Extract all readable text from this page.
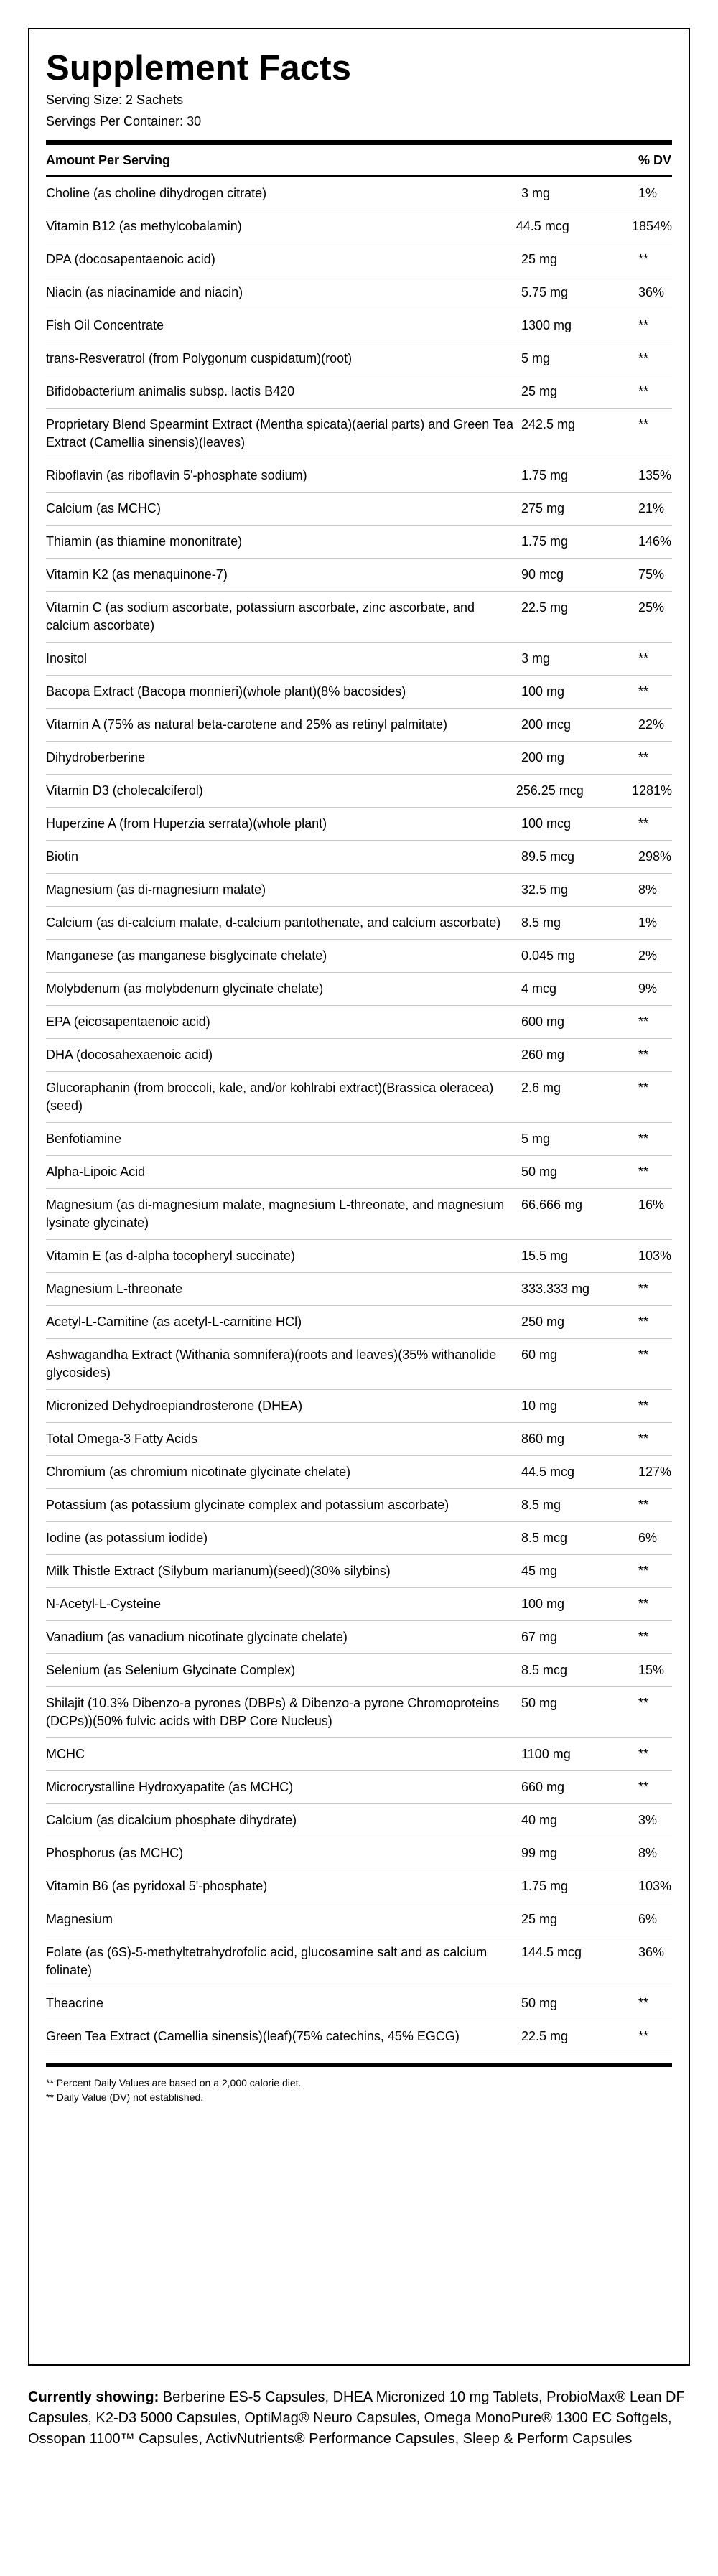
Supplement Facts
Serving Size: 2 Sachets
Servings Per Container: 30
Amount Per Serving	% DV
Choline (as choline dihydrogen citrate)	3 mg	1%
Vitamin B12 (as methylcobalamin)	44.5 mcg	1854%
DPA (docosapentaenoic acid)	25 mg	**
Niacin (as niacinamide and niacin)	5.75 mg	36%
Fish Oil Concentrate	1300 mg	**
trans-Resveratrol (from Polygonum cuspidatum)(root)	5 mg	**
Bifidobacterium animalis subsp. lactis B420	25 mg	**
Proprietary Blend Spearmint Extract (Mentha spicata)(aerial parts) and Green Tea Extract (Camellia sinensis)(leaves)
242.5 mg	**
Riboflavin (as riboflavin 5'-phosphate sodium)	1.75 mg	135%
Calcium (as MCHC)	275 mg	21%
Thiamin (as thiamine mononitrate)	1.75 mg	146%
Vitamin K2 (as menaquinone-7)	90 mcg	75%
Vitamin C (as sodium ascorbate, potassium ascorbate, zinc ascorbate, and calcium ascorbate)
22.5 mg	25%
Inositol	3 mg	**
Bacopa Extract (Bacopa monnieri)(whole plant)(8% bacosides)	100 mg	**
Vitamin A (75% as natural beta-carotene and 25% as retinyl palmitate)	200 mcg	22%
Dihydroberberine	200 mg	**
Vitamin D3 (cholecalciferol)	256.25 mcg	1281%
Huperzine A (from Huperzia serrata)(whole plant)	100 mcg	**
Biotin	89.5 mcg	298%
Magnesium (as di-magnesium malate)	32.5 mg	8%
Calcium (as di-calcium malate, d-calcium pantothenate, and calcium ascorbate)	8.5 mg	1%
Manganese (as manganese bisglycinate chelate)	0.045 mg	2%
Molybdenum (as molybdenum glycinate chelate)	4 mcg	9%
EPA (eicosapentaenoic acid)	600 mg	**
DHA (docosahexaenoic acid)	260 mg	**
Glucoraphanin (from broccoli, kale, and/or kohlrabi extract)(Brassica oleracea)(seed)
2.6 mg	**
Benfotiamine	5 mg	**
Alpha-Lipoic Acid	50 mg	**
Magnesium (as di-magnesium malate, magnesium L-threonate, and magnesium lysinate glycinate)
66.666 mg	16%
Vitamin E (as d-alpha tocopheryl succinate)	15.5 mg	103%
Magnesium L-threonate	333.333 mg	**
Acetyl-L-Carnitine (as acetyl-L-carnitine HCl)	250 mg	**
Ashwagandha Extract (Withania somnifera)(roots and leaves)(35% withanolide glycosides)
60 mg	**
Micronized Dehydroepiandrosterone (DHEA)	10 mg	**
Total Omega-3 Fatty Acids	860 mg	**
Chromium (as chromium nicotinate glycinate chelate)	44.5 mcg	127%
Potassium (as potassium glycinate complex and potassium ascorbate)	8.5 mg	**
Iodine (as potassium iodide)	8.5 mcg	6%
Milk Thistle Extract (Silybum marianum)(seed)(30% silybins)	45 mg	**
N-Acetyl-L-Cysteine	100 mg	**
Vanadium (as vanadium nicotinate glycinate chelate)	67 mg	**
Selenium (as Selenium Glycinate Complex)	8.5 mcg	15%
Shilajit (10.3% Dibenzo-a pyrones (DBPs) & Dibenzo-a pyrone Chromoproteins (DCPs))(50% fulvic acids with DBP Core Nucleus)
50 mg	**
MCHC	1100 mg	**
Microcrystalline Hydroxyapatite (as MCHC)	660 mg	**
Calcium (as dicalcium phosphate dihydrate)	40 mg	3%
Phosphorus (as MCHC)	99 mg	8%
Vitamin B6 (as pyridoxal 5'-phosphate)	1.75 mg	103%
Magnesium	25 mg	6%
Folate (as (6S)-5-methyltetrahydrofolic acid, glucosamine salt and as calcium folinate)
144.5 mcg	36%
Theacrine	50 mg	**
Green Tea Extract (Camellia sinensis)(leaf)(75% catechins, 45% EGCG)	22.5 mg	**
** Percent Daily Values are based on a 2,000 calorie diet.
** Daily Value (DV) not established.
Currently showing: Berberine ES-5 Capsules, DHEA Micronized 10 mg Tablets, ProbioMax® Lean DF Capsules, K2-D3 5000 Capsules, OptiMag® Neuro Capsules, Omega MonoPure® 1300 EC Softgels, Ossopan 1100™ Capsules, ActivNutrients® Performance Capsules, Sleep & Perform Capsules
